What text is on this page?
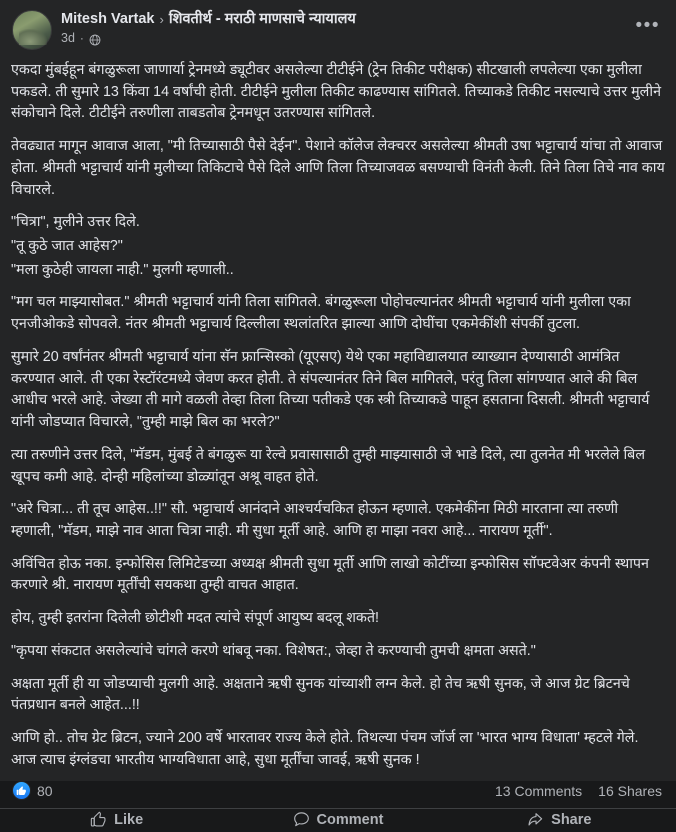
Mitesh Vartak › शिवतीर्थ - मराठी माणसाचे न्यायालय
3d ·
•••

एकदा मुंबईहून बंगळुरूला जाणार्या ट्रेनमध्ये ड्यूटीवर असलेल्या टीटीईने (ट्रेन तिकीट परीक्षक) सीटखाली लपलेल्या एका मुलीला पकडले. ती सुमारे 13 किंवा 14 वर्षांची होती. टीटीईने मुलीला तिकीट काढण्यास सांगितले. तिच्याकडे तिकीट नसल्याचे उत्तर मुलीने संकोचाने दिले. टीटीईने तरुणीला ताबडतोब ट्रेनमधून उतरण्यास सांगितले.

तेवढ्यात मागून आवाज आला, "मी तिच्यासाठी पैसे देईन". पेशाने कॉलेज लेक्चरर असलेल्या श्रीमती उषा भट्टाचार्य यांचा तो आवाज होता. श्रीमती भट्टाचार्य यांनी मुलीच्या तिकिटाचे पैसे दिले आणि तिला तिच्याजवळ बसण्याची विनंती केली. तिने तिला तिचे नाव काय विचारले.

"चित्रा", मुलीने उत्तर दिले.

"तू कुठे जात आहेस?"

"मला कुठेही जायला नाही." मुलगी म्हणाली..

"मग चल माझ्यासोबत." श्रीमती भट्टाचार्य यांनी तिला सांगितले. बंगळुरूला पोहोचल्यानंतर श्रीमती भट्टाचार्य यांनी मुलीला एका एनजीओकडे सोपवले. नंतर श्रीमती भट्टाचार्य दिल्लीला स्थलांतरित झाल्या आणि दोघींचा एकमेकींशी संपर्की तुटला.

सुमारे 20 वर्षांनंतर श्रीमती भट्टाचार्य यांना सॅन फ्रान्सिस्को (यूएसए) येथे एका महाविद्यालयात व्याख्यान देण्यासाठी आमंत्रित करण्यात आले. ती एका रेस्टॉरंटमध्ये जेवण करत होती. ते संपल्यानंतर तिने बिल मागितले, परंतु तिला सांगण्यात आले की बिल आधीच भरले आहे. जेख्या ती मागे वळली तेव्हा तिला तिच्या पतीकडे एक स्त्री तिच्याकडे पाहून हसताना दिसली. श्रीमती भट्टाचार्य यांनी जोडप्यात विचारले, "तुम्ही माझे बिल का भरले?"

त्या तरुणीने उत्तर दिले, "मॅडम, मुंबई ते बंगळुरू या रेल्वे प्रवासासाठी तुम्ही माझ्यासाठी जे भाडे दिले, त्या तुलनेत मी भरलेले बिल खूपच कमी आहे. दोन्ही महिलांच्या डोळ्यांतून अश्रू वाहत होते.

"अरे चित्रा... ती तूच आहेस..!!" सौ. भट्टाचार्य आनंदाने आश्चर्यचकित होऊन म्हणाले. एकमेकींना मिठी मारताना त्या तरुणी म्हणाली, "मॅडम, माझे नाव आता चित्रा नाही. मी सुधा मूर्ती आहे. आणि हा माझा नवरा आहे... नारायण मूर्ती".

अविंचित होऊ नका. इन्फोसिस लिमिटेडच्या अध्यक्ष श्रीमती सुधा मूर्ती आणि लाखो कोटींच्या इन्फोसिस सॉफ्टवेअर कंपनी स्थापन करणारे श्री. नारायण मूर्तींची सयकथा तुम्ही वाचत आहात.

होय, तुम्ही इतरांना दिलेली छोटीशी मदत त्यांचे संपूर्ण आयुष्य बदलू शकते!

"कृपया संकटात असलेल्यांचे चांगले करणे थांबवू नका. विशेषत:, जेव्हा ते करण्याची तुमची क्षमता असते."

अक्षता मूर्ती ही या जोडप्याची मुलगी आहे. अक्षताने ऋषी सुनक यांच्याशी लग्न केले. हो तेच ऋषी सुनक, जे आज ग्रेट ब्रिटनचे पंतप्रधान बनले आहेत...!!

आणि हो.. तोच ग्रेट ब्रिटन, ज्याने 200 वर्षे भारतावर राज्य केले होते. तिथल्या पंचम जॉर्ज ला 'भारत भाग्य विधाता' म्हटले गेले. आज त्याच इंग्लंडचा भारतीय भाग्यविधाता आहे, सुधा मूर्तींचा जावई, ऋषी सुनक !

80	13 Comments 16 Shares
Like	Comment	Share
